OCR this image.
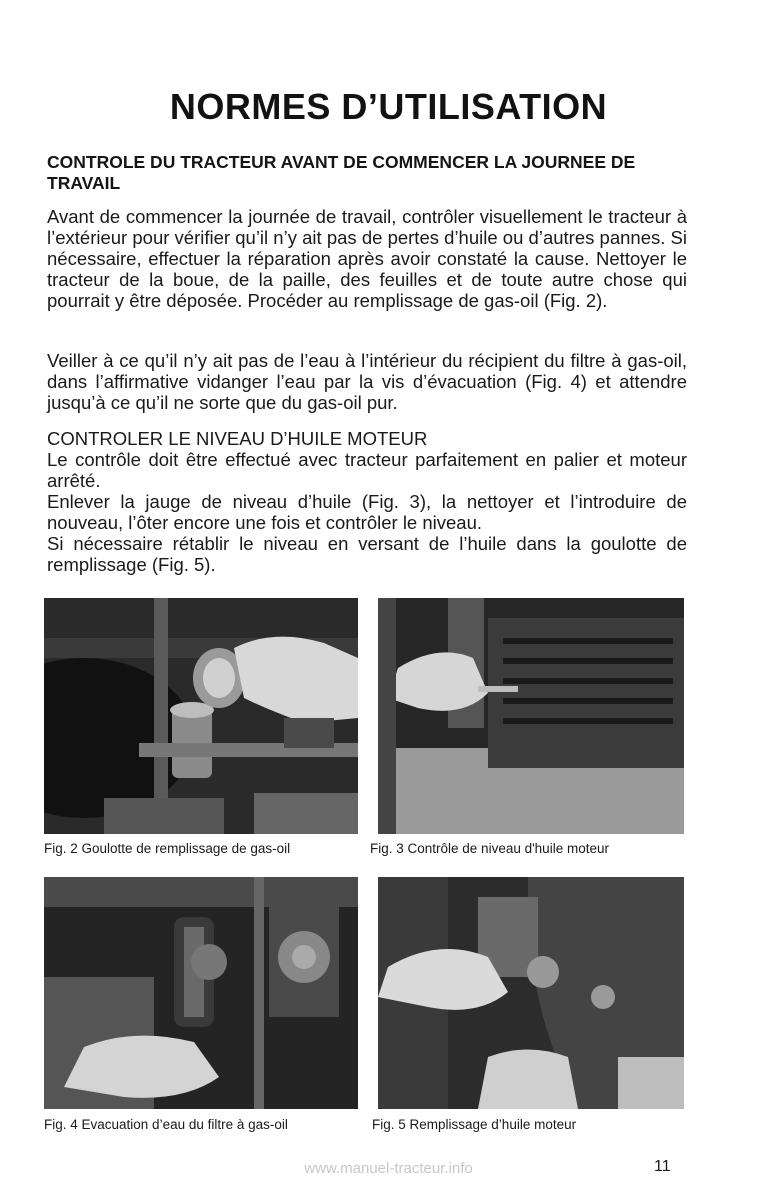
NORMES D’UTILISATION
CONTROLE DU TRACTEUR AVANT DE COMMENCER LA JOURNEE DE TRAVAIL

Avant de commencer la journée de travail, contrôler visuellement le tracteur à l’extérieur pour vérifier qu’il n’y ait pas de pertes d’huile ou d’autres pannes. Si nécessaire, effectuer la réparation après avoir constaté la cause. Nettoyer le tracteur de la boue, de la paille, des feuilles et de toute autre chose qui pourrait y être déposée. Procéder au remplissage de gas-oil (Fig. 2).

Veiller à ce qu’il n’y ait pas de l’eau à l’intérieur du récipient du filtre à gas-oil, dans l’affirmative vidanger l’eau par la vis d’évacuation (Fig. 4) et attendre jusqu’à ce qu’il ne sorte que du gas-oil pur.

CONTROLER LE NIVEAU D’HUILE MOTEUR

Le contrôle doit être effectué avec tracteur parfaitement en palier et moteur arrêté.

Enlever la jauge de niveau d’huile (Fig. 3), la nettoyer et l’introduire de nouveau, l’ôter encore une fois et contrôler le niveau.

Si nécessaire rétablir le niveau en versant de l’huile dans la goulotte de remplissage (Fig. 5).

Fig. 2 Goulotte de remplissage de gas-oil	Fig. 3 Contrôle de niveau d'huile moteur
Fig. 4 Evacuation d’eau du filtre à gas-oil	Fig. 5 Remplissage d’huile moteur
www.manuel-tracteur.info	11
